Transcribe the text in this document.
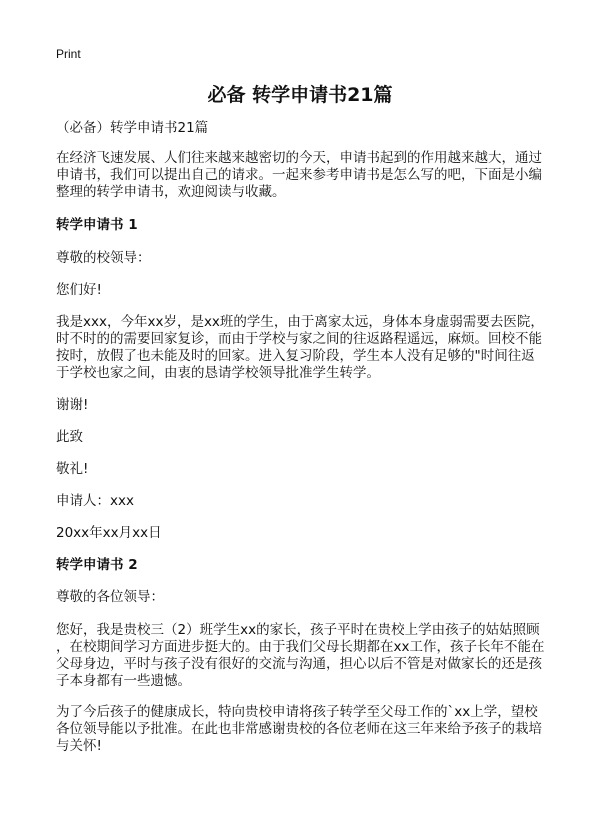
Print
必备 转学申请书21篇
（必备）转学申请书21篇
在经济飞速发展、人们往来越来越密切的今天，申请书起到的作用越来越大，通过
申请书，我们可以提出自己的请求。一起来参考申请书是怎么写的吧，下面是小编
整理的转学申请书，欢迎阅读与收藏。
转学申请书 1
尊敬的校领导：
您们好!
我是xxx，今年xx岁，是xx班的学生，由于离家太远，身体本身虚弱需要去医院，
时不时的的需要回家复诊，而由于学校与家之间的往返路程遥远，麻烦。回校不能
按时，放假了也未能及时的回家。进入复习阶段，学生本人没有足够的"时间往返
于学校也家之间，由衷的恳请学校领导批准学生转学。
谢谢!
此致
敬礼!
申请人：xxx
20xx年xx月xx日
转学申请书 2
尊敬的各位领导：
您好，我是贵校三（2）班学生xx的家长，孩子平时在贵校上学由孩子的姑姑照顾
，在校期间学习方面进步挺大的。由于我们父母长期都在xx工作，孩子长年不能在
父母身边，平时与孩子没有很好的交流与沟通，担心以后不管是对做家长的还是孩
子本身都有一些遗憾。
为了今后孩子的健康成长，特向贵校申请将孩子转学至父母工作的`xx上学，望校
各位领导能以予批准。在此也非常感谢贵校的各位老师在这三年来给予孩子的栽培
与关怀!
